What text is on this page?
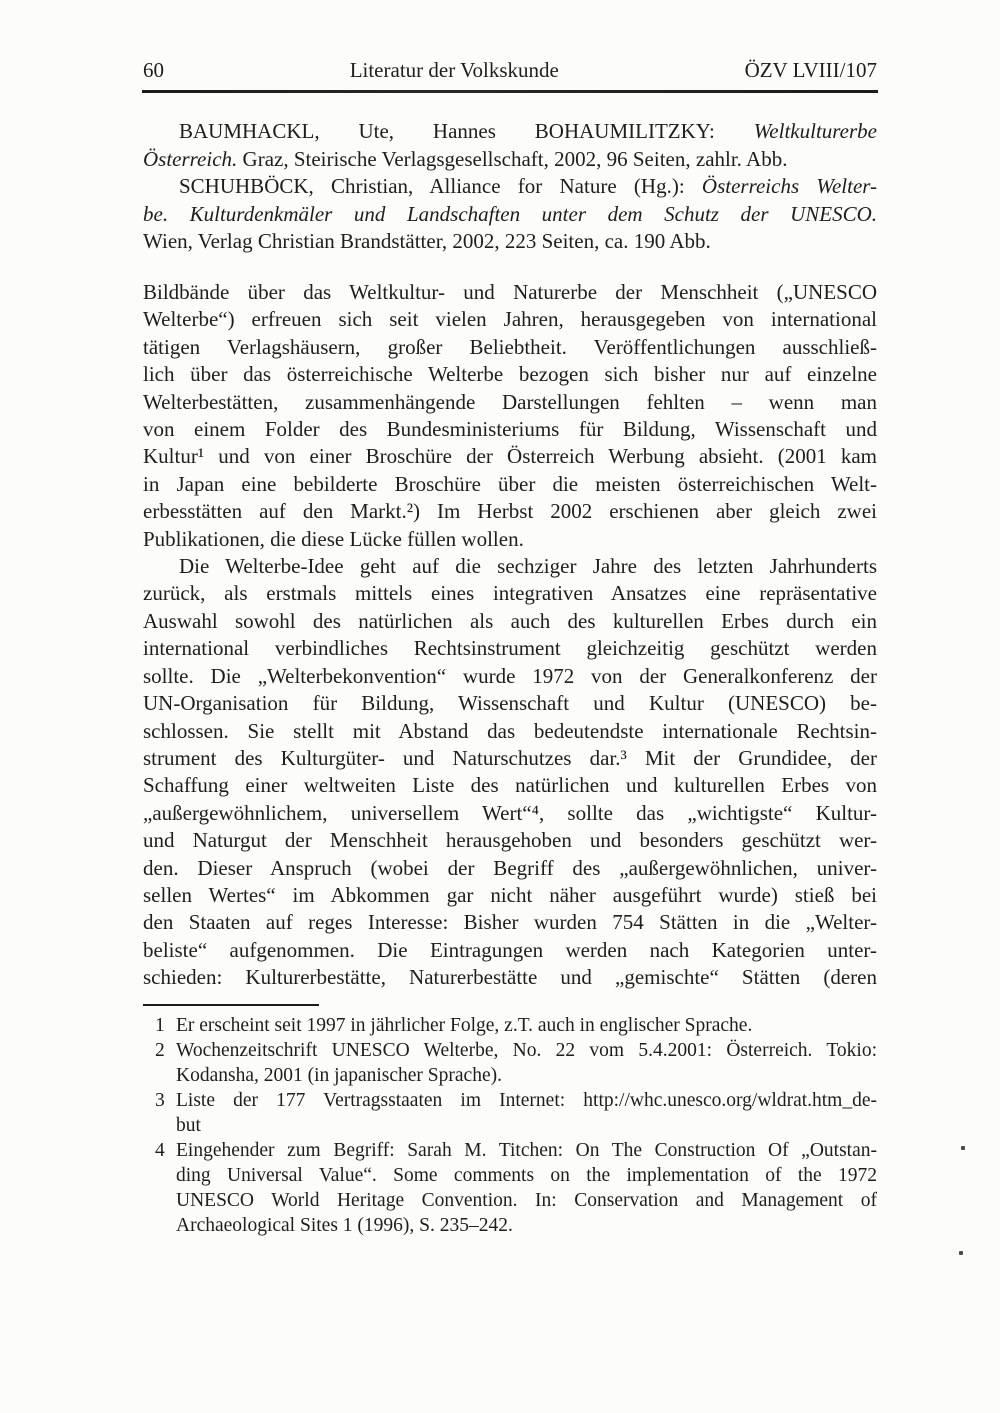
60	Literatur der Volkskunde	ÖZV LVIII/107
BAUMHACKL, Ute, Hannes BOHAUMILITZKY: Weltkulturerbe
Österreich. Graz, Steirische Verlagsgesellschaft, 2002, 96 Seiten, zahlr. Abb.
SCHUHBÖCK, Christian, Alliance for Nature (Hg.): Österreichs Welter-
be. Kulturdenkmäler und Landschaften unter dem Schutz der UNESCO.
Wien, Verlag Christian Brandstätter, 2002, 223 Seiten, ca. 190 Abb.
Bildbände über das Weltkultur- und Naturerbe der Menschheit („UNESCO
Welterbe“) erfreuen sich seit vielen Jahren, herausgegeben von international
tätigen Verlagshäusern, großer Beliebtheit. Veröffentlichungen ausschließ-
lich über das österreichische Welterbe bezogen sich bisher nur auf einzelne
Welterbestätten, zusammenhängende Darstellungen fehlten – wenn man
von einem Folder des Bundesministeriums für Bildung, Wissenschaft und
Kultur¹ und von einer Broschüre der Österreich Werbung absieht. (2001 kam
in Japan eine bebilderte Broschüre über die meisten österreichischen Welt-
erbesstätten auf den Markt.²) Im Herbst 2002 erschienen aber gleich zwei
Publikationen, die diese Lücke füllen wollen.
Die Welterbe-Idee geht auf die sechziger Jahre des letzten Jahrhunderts
zurück, als erstmals mittels eines integrativen Ansatzes eine repräsentative
Auswahl sowohl des natürlichen als auch des kulturellen Erbes durch ein
international verbindliches Rechtsinstrument gleichzeitig geschützt werden
sollte. Die „Welterbekonvention“ wurde 1972 von der Generalkonferenz der
UN-Organisation für Bildung, Wissenschaft und Kultur (UNESCO) be-
schlossen. Sie stellt mit Abstand das bedeutendste internationale Rechtsin-
strument des Kulturgüter- und Naturschutzes dar.³ Mit der Grundidee, der
Schaffung einer weltweiten Liste des natürlichen und kulturellen Erbes von
„außergewöhnlichem, universellem Wert“⁴, sollte das „wichtigste“ Kultur-
und Naturgut der Menschheit herausgehoben und besonders geschützt wer-
den. Dieser Anspruch (wobei der Begriff des „außergewöhnlichen, univer-
sellen Wertes“ im Abkommen gar nicht näher ausgeführt wurde) stieß bei
den Staaten auf reges Interesse: Bisher wurden 754 Stätten in die „Welter-
beliste“ aufgenommen. Die Eintragungen werden nach Kategorien unter-
schieden: Kulturerbestätte, Naturerbestätte und „gemischte“ Stätten (deren
1 Er erscheint seit 1997 in jährlicher Folge, z.T. auch in englischer Sprache.
2 Wochenzeitschrift UNESCO Welterbe, No. 22 vom 5.4.2001: Österreich. Tokio:
Kodansha, 2001 (in japanischer Sprache).
3 Liste der 177 Vertragsstaaten im Internet: http://whc.unesco.org/wldrat.htm_de-
but
4 Eingehender zum Begriff: Sarah M. Titchen: On The Construction Of „Outstan-
ding Universal Value“. Some comments on the implementation of the 1972
UNESCO World Heritage Convention. In: Conservation and Management of
Archaeological Sites 1 (1996), S. 235–242.
